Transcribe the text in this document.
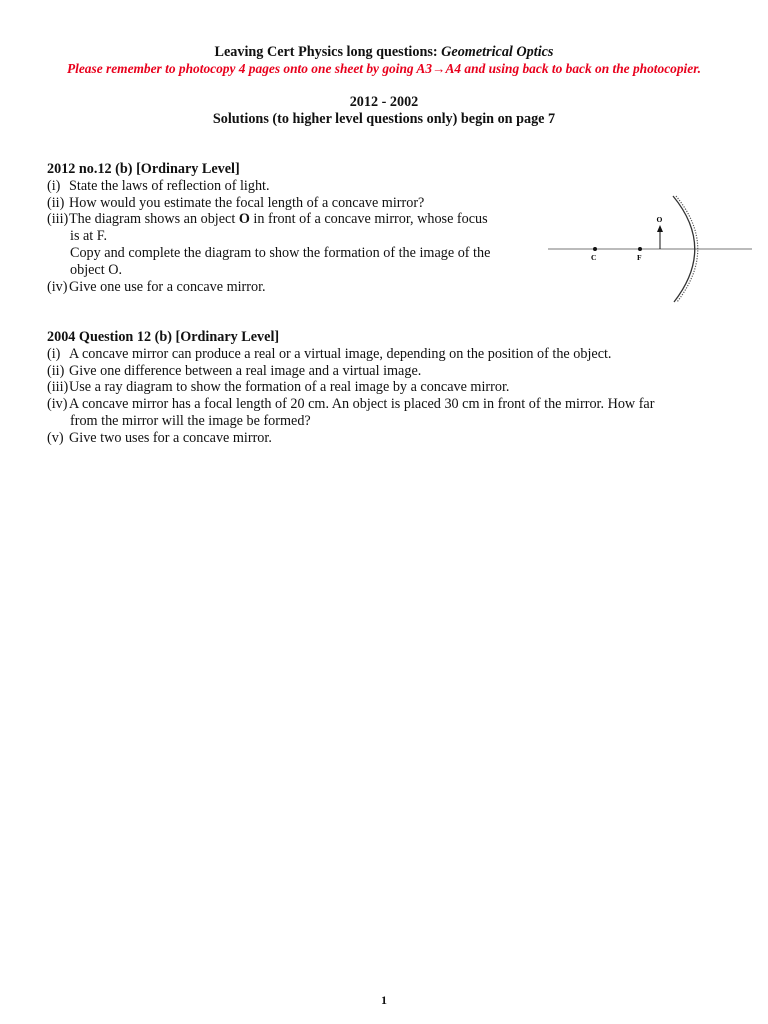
Leaving Cert Physics long questions: Geometrical Optics
Please remember to photocopy 4 pages onto one sheet by going A3→A4 and using back to back on the photocopier.
2012 - 2002
Solutions (to higher level questions only) begin on page 7
2012 no.12 (b) [Ordinary Level]
(i) State the laws of reflection of light.
(ii) How would you estimate the focal length of a concave mirror?
(iii)The diagram shows an object O in front of a concave mirror, whose focus
is at F.
Copy and complete the diagram to show the formation of the image of the
object O.
(iv) Give one use for a concave mirror.
C	F
O
2004 Question 12 (b) [Ordinary Level]
(i) A concave mirror can produce a real or a virtual image, depending on the position of the object.
(ii) Give one difference between a real image and a virtual image.
(iii)Use a ray diagram to show the formation of a real image by a concave mirror.
(iv) A concave mirror has a focal length of 20 cm. An object is placed 30 cm in front of the mirror. How far
from the mirror will the image be formed?
(v) Give two uses for a concave mirror.
1
